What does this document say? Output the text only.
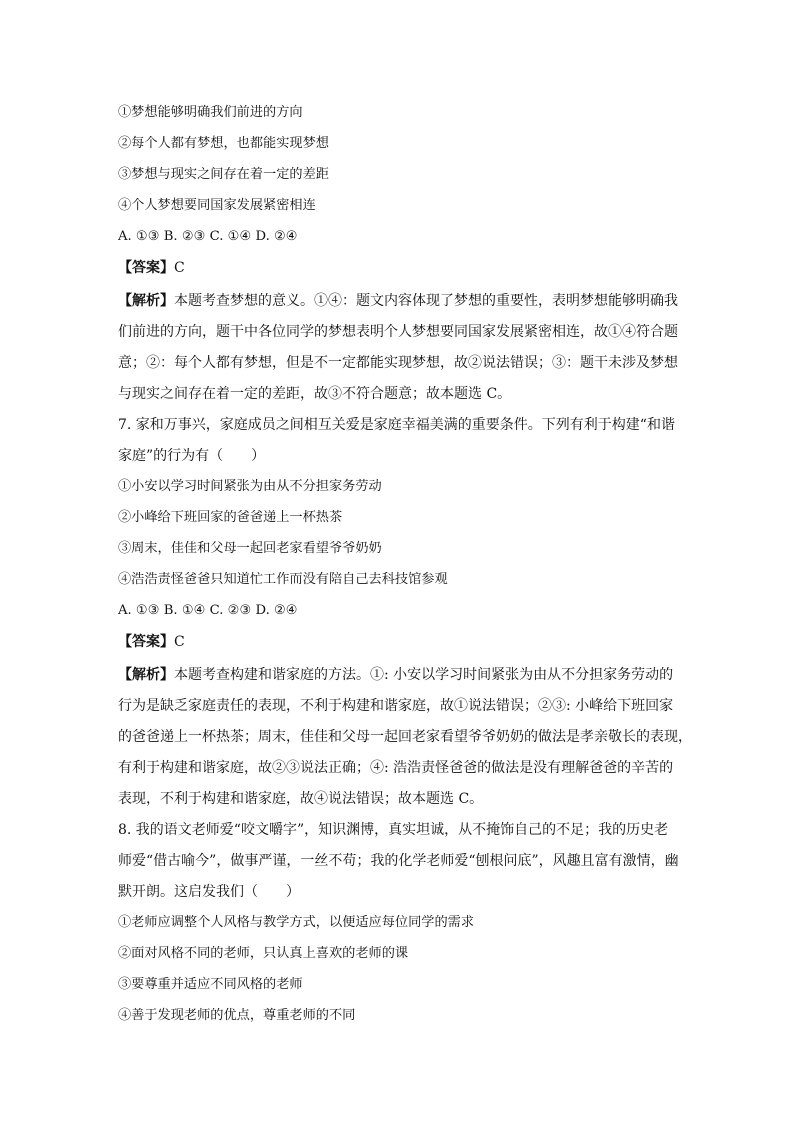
①梦想能够明确我们前进的方向
②每个人都有梦想，也都能实现梦想
③梦想与现实之间存在着一定的差距
④个人梦想要同国家发展紧密相连
A. ①③ B. ②③ C. ①④ D. ②④
【答案】C
【解析】本题考查梦想的意义。①④：题文内容体现了梦想的重要性，表明梦想能够明确我
们前进的方向，题干中各位同学的梦想表明个人梦想要同国家发展紧密相连，故①④符合题
意；②：每个人都有梦想，但是不一定都能实现梦想，故②说法错误；③：题干未涉及梦想
与现实之间存在着一定的差距，故③不符合题意；故本题选 C。
7. 家和万事兴，家庭成员之间相互关爱是家庭幸福美满的重要条件。下列有利于构建“和谐
家庭”的行为有（　　）
①小安以学习时间紧张为由从不分担家务劳动
②小峰给下班回家的爸爸递上一杯热茶
③周末，佳佳和父母一起回老家看望爷爷奶奶
④浩浩责怪爸爸只知道忙工作而没有陪自己去科技馆参观
A. ①③ B. ①④ C. ②③ D. ②④
【答案】C
【解析】本题考查构建和谐家庭的方法。①: 小安以学习时间紧张为由从不分担家务劳动的
行为是缺乏家庭责任的表现，不利于构建和谐家庭，故①说法错误；②③: 小峰给下班回家
的爸爸递上一杯热茶；周末，佳佳和父母一起回老家看望爷爷奶奶的做法是孝亲敬长的表现，
有利于构建和谐家庭，故②③说法正确；④: 浩浩责怪爸爸的做法是没有理解爸爸的辛苦的
表现，不利于构建和谐家庭，故④说法错误；故本题选 C。
8. 我的语文老师爱“咬文嚼字”，知识渊博，真实坦诚，从不掩饰自己的不足；我的历史老
师爱“借古喻今”，做事严谨，一丝不苟；我的化学老师爱“刨根问底”，风趣且富有激情，幽
默开朗。这启发我们（　　）
①老师应调整个人风格与教学方式，以便适应每位同学的需求
②面对风格不同的老师，只认真上喜欢的老师的课
③要尊重并适应不同风格的老师
④善于发现老师的优点，尊重老师的不同
